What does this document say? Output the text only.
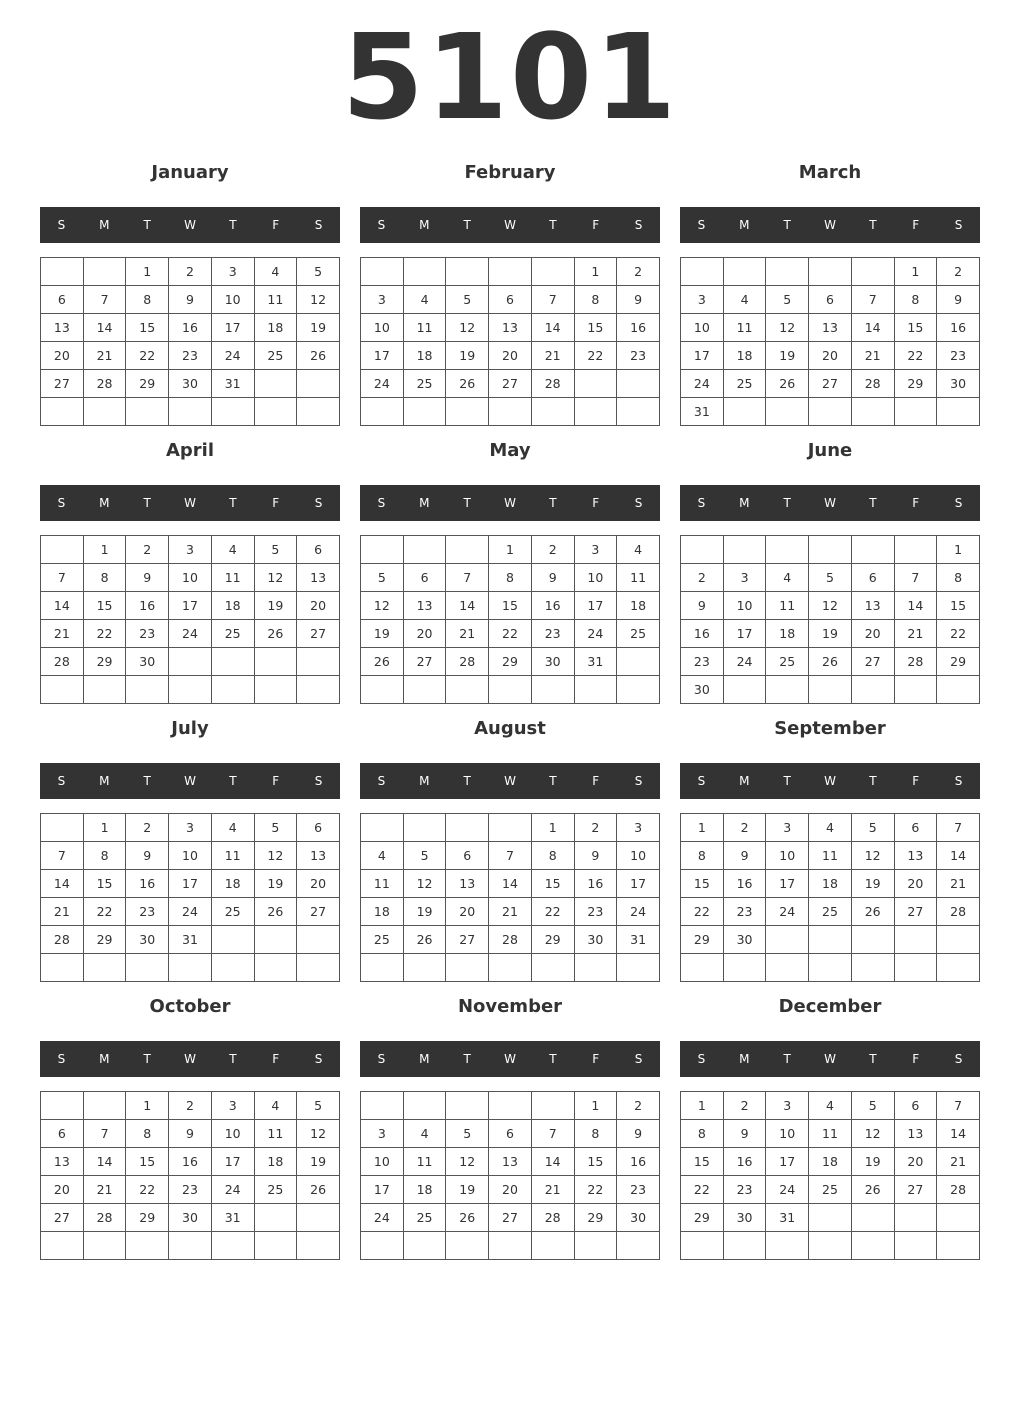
5101
January
S	M	T	W	T	F	S
		1	2	3	4	5
6	7	8	9	10	11	12
13	14	15	16	17	18	19
20	21	22	23	24	25	26
27	28	29	30	31		

February
S	M	T	W	T	F	S
					1	2
3	4	5	6	7	8	9
10	11	12	13	14	15	16
17	18	19	20	21	22	23
24	25	26	27	28		

March
S	M	T	W	T	F	S
					1	2
3	4	5	6	7	8	9
10	11	12	13	14	15	16
17	18	19	20	21	22	23
24	25	26	27	28	29	30
31						
April
S	M	T	W	T	F	S
	1	2	3	4	5	6
7	8	9	10	11	12	13
14	15	16	17	18	19	20
21	22	23	24	25	26	27
28	29	30				

May
S	M	T	W	T	F	S
			1	2	3	4
5	6	7	8	9	10	11
12	13	14	15	16	17	18
19	20	21	22	23	24	25
26	27	28	29	30	31	

June
S	M	T	W	T	F	S
						1
2	3	4	5	6	7	8
9	10	11	12	13	14	15
16	17	18	19	20	21	22
23	24	25	26	27	28	29
30						
July
S	M	T	W	T	F	S
	1	2	3	4	5	6
7	8	9	10	11	12	13
14	15	16	17	18	19	20
21	22	23	24	25	26	27
28	29	30	31			

August
S	M	T	W	T	F	S
				1	2	3
4	5	6	7	8	9	10
11	12	13	14	15	16	17
18	19	20	21	22	23	24
25	26	27	28	29	30	31

September
S	M	T	W	T	F	S
1	2	3	4	5	6	7
8	9	10	11	12	13	14
15	16	17	18	19	20	21
22	23	24	25	26	27	28
29	30					

October
S	M	T	W	T	F	S
		1	2	3	4	5
6	7	8	9	10	11	12
13	14	15	16	17	18	19
20	21	22	23	24	25	26
27	28	29	30	31		

November
S	M	T	W	T	F	S
					1	2
3	4	5	6	7	8	9
10	11	12	13	14	15	16
17	18	19	20	21	22	23
24	25	26	27	28	29	30

December
S	M	T	W	T	F	S
1	2	3	4	5	6	7
8	9	10	11	12	13	14
15	16	17	18	19	20	21
22	23	24	25	26	27	28
29	30	31				
